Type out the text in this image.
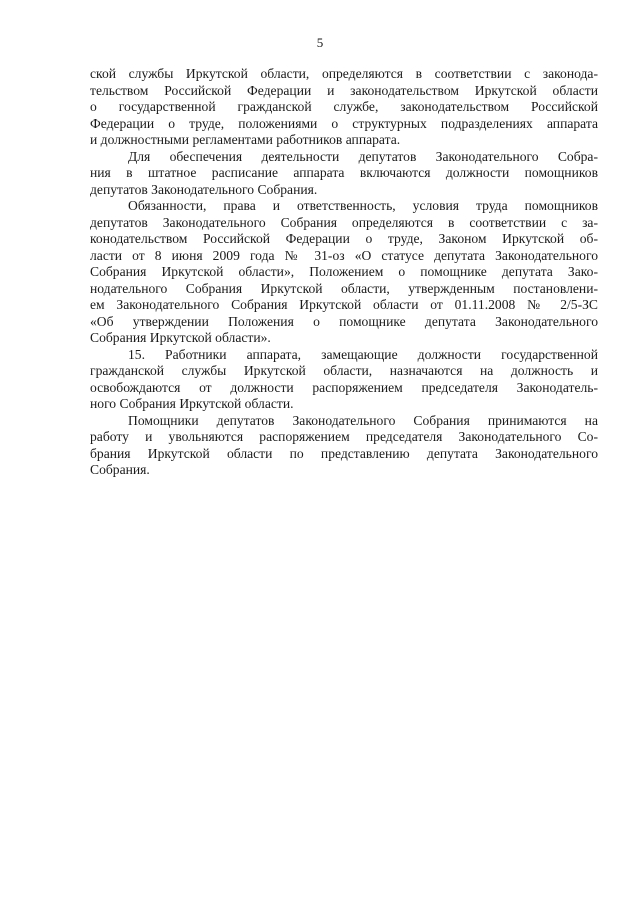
5
ской службы Иркутской области, определяются в соответствии с законода-
тельством Российской Федерации и законодательством Иркутской области
о государственной гражданской службе, законодательством Российской
Федерации о труде, положениями о структурных подразделениях аппарата
и должностными регламентами работников аппарата.
Для обеспечения деятельности депутатов Законодательного Собра-
ния в штатное расписание аппарата включаются должности помощников
депутатов Законодательного Собрания.
Обязанности, права и ответственность, условия труда помощников
депутатов Законодательного Собрания определяются в соответствии с за-
конодательством Российской Федерации о труде, Законом Иркутской об-
ласти от 8 июня 2009 года № 31-оз «О статусе депутата Законодательного
Собрания Иркутской области», Положением о помощнике депутата Зако-
нодательного Собрания Иркутской области, утвержденным постановлени-
ем Законодательного Собрания Иркутской области от 01.11.2008 № 2/5-ЗС
«Об утверждении Положения о помощнике депутата Законодательного
Собрания Иркутской области».
15. Работники аппарата, замещающие должности государственной
гражданской службы Иркутской области, назначаются на должность и
освобождаются от должности распоряжением председателя Законодатель-
ного Собрания Иркутской области.
Помощники депутатов Законодательного Собрания принимаются на
работу и увольняются распоряжением председателя Законодательного Со-
брания Иркутской области по представлению депутата Законодательного
Собрания.
